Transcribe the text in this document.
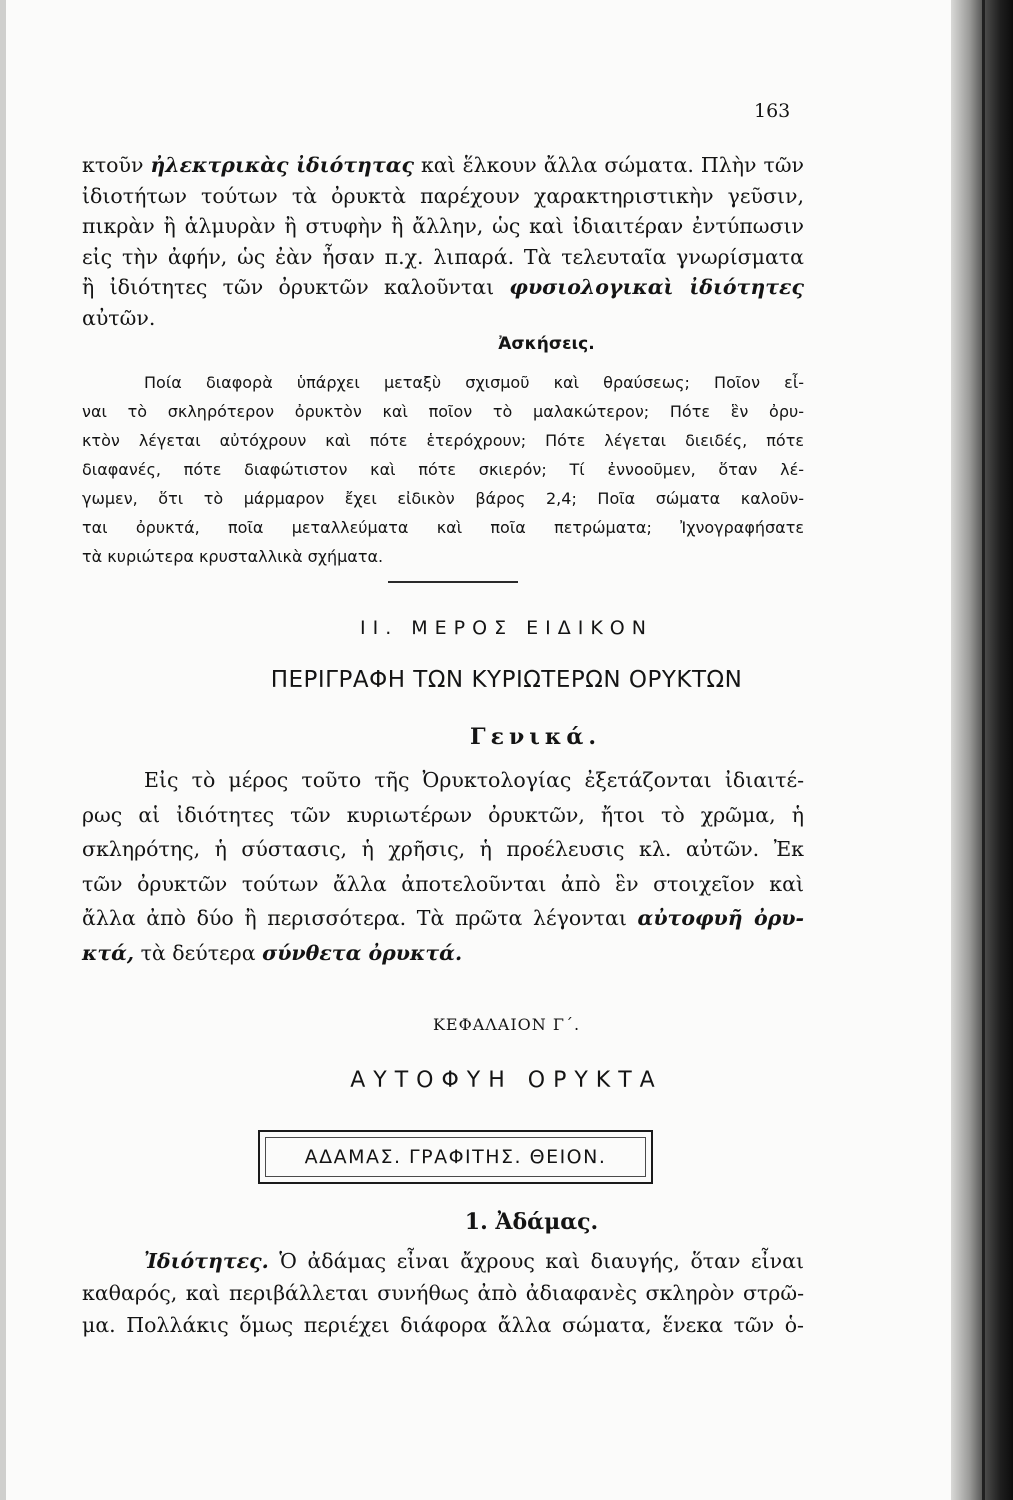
163
κτοῦν ἠλεκτρικὰς ἰδιότητας καὶ ἕλκουν ἄλλα σώματα. Πλὴν τῶν
ἰδιοτήτων τούτων τὰ ὀρυκτὰ παρέχουν χαρακτηριστικὴν γεῦσιν,
πικρὰν ἢ ἁλμυρὰν ἢ στυφὴν ἢ ἄλλην, ὡς καὶ ἰδιαιτέραν ἐντύπωσιν
εἰς τὴν ἀφήν, ὡς ἐὰν ἦσαν π.χ. λιπαρά. Τὰ τελευταῖα γνωρίσματα
ἢ ἰδιότητες τῶν ὀρυκτῶν καλοῦνται φυσιολογικαὶ ἰδιότητες
αὐτῶν.
Ἀσκήσεις.
Ποία διαφορὰ ὑπάρχει μεταξὺ σχισμοῦ καὶ θραύσεως; Ποῖον εἶ-
ναι τὸ σκληρότερον ὀρυκτὸν καὶ ποῖον τὸ μαλακώτερον; Πότε ἓν ὀρυ-
κτὸν λέγεται αὐτόχρουν καὶ πότε ἑτερόχρουν; Πότε λέγεται διειδές, πότε
διαφανές, πότε διαφώτιστον καὶ πότε σκιερόν; Τί ἐννοοῦμεν, ὅταν λέ-
γωμεν, ὅτι τὸ μάρμαρον ἔχει εἰδικὸν βάρος 2,4; Ποῖα σώματα καλοῦν-
ται ὀρυκτά, ποῖα μεταλλεύματα καὶ ποῖα πετρώματα; Ἰχνογραφήσατε
τὰ κυριώτερα κρυσταλλικὰ σχήματα.
II. ΜΕΡΟΣ ΕΙΔΙΚΟΝ
ΠΕΡΙΓΡΑΦΗ ΤΩΝ ΚΥΡΙΩΤΕΡΩΝ ΟΡΥΚΤΩΝ
Γενικά.
Εἰς τὸ μέρος τοῦτο τῆς Ὀρυκτολογίας ἐξετάζονται ἰδιαιτέ-
ρως αἱ ἰδιότητες τῶν κυριωτέρων ὀρυκτῶν, ἤτοι τὸ χρῶμα, ἡ
σκληρότης, ἡ σύστασις, ἡ χρῆσις, ἡ προέλευσις κλ. αὐτῶν. Ἐκ
τῶν ὀρυκτῶν τούτων ἄλλα ἀποτελοῦνται ἀπὸ ἓν στοιχεῖον καὶ
ἄλλα ἀπὸ δύο ἢ περισσότερα. Τὰ πρῶτα λέγονται αὐτοφυῆ ὀρυ-
κτά, τὰ δεύτερα σύνθετα ὀρυκτά.
ΚΕΦΑΛΑΙΟΝ Γ΄.
ΑΥΤΟΦΥΗ ΟΡΥΚΤΑ
ΑΔΑΜΑΣ. ΓΡΑΦΙΤΗΣ. ΘΕΙΟΝ.
1. Ἀδάμας.
Ἰδιότητες. Ὁ ἀδάμας εἶναι ἄχρους καὶ διαυγής, ὅταν εἶναι
καθαρός, καὶ περιβάλλεται συνήθως ἀπὸ ἀδιαφανὲς σκληρὸν στρῶ-
μα. Πολλάκις ὅμως περιέχει διάφορα ἄλλα σώματα, ἕνεκα τῶν ὁ-
